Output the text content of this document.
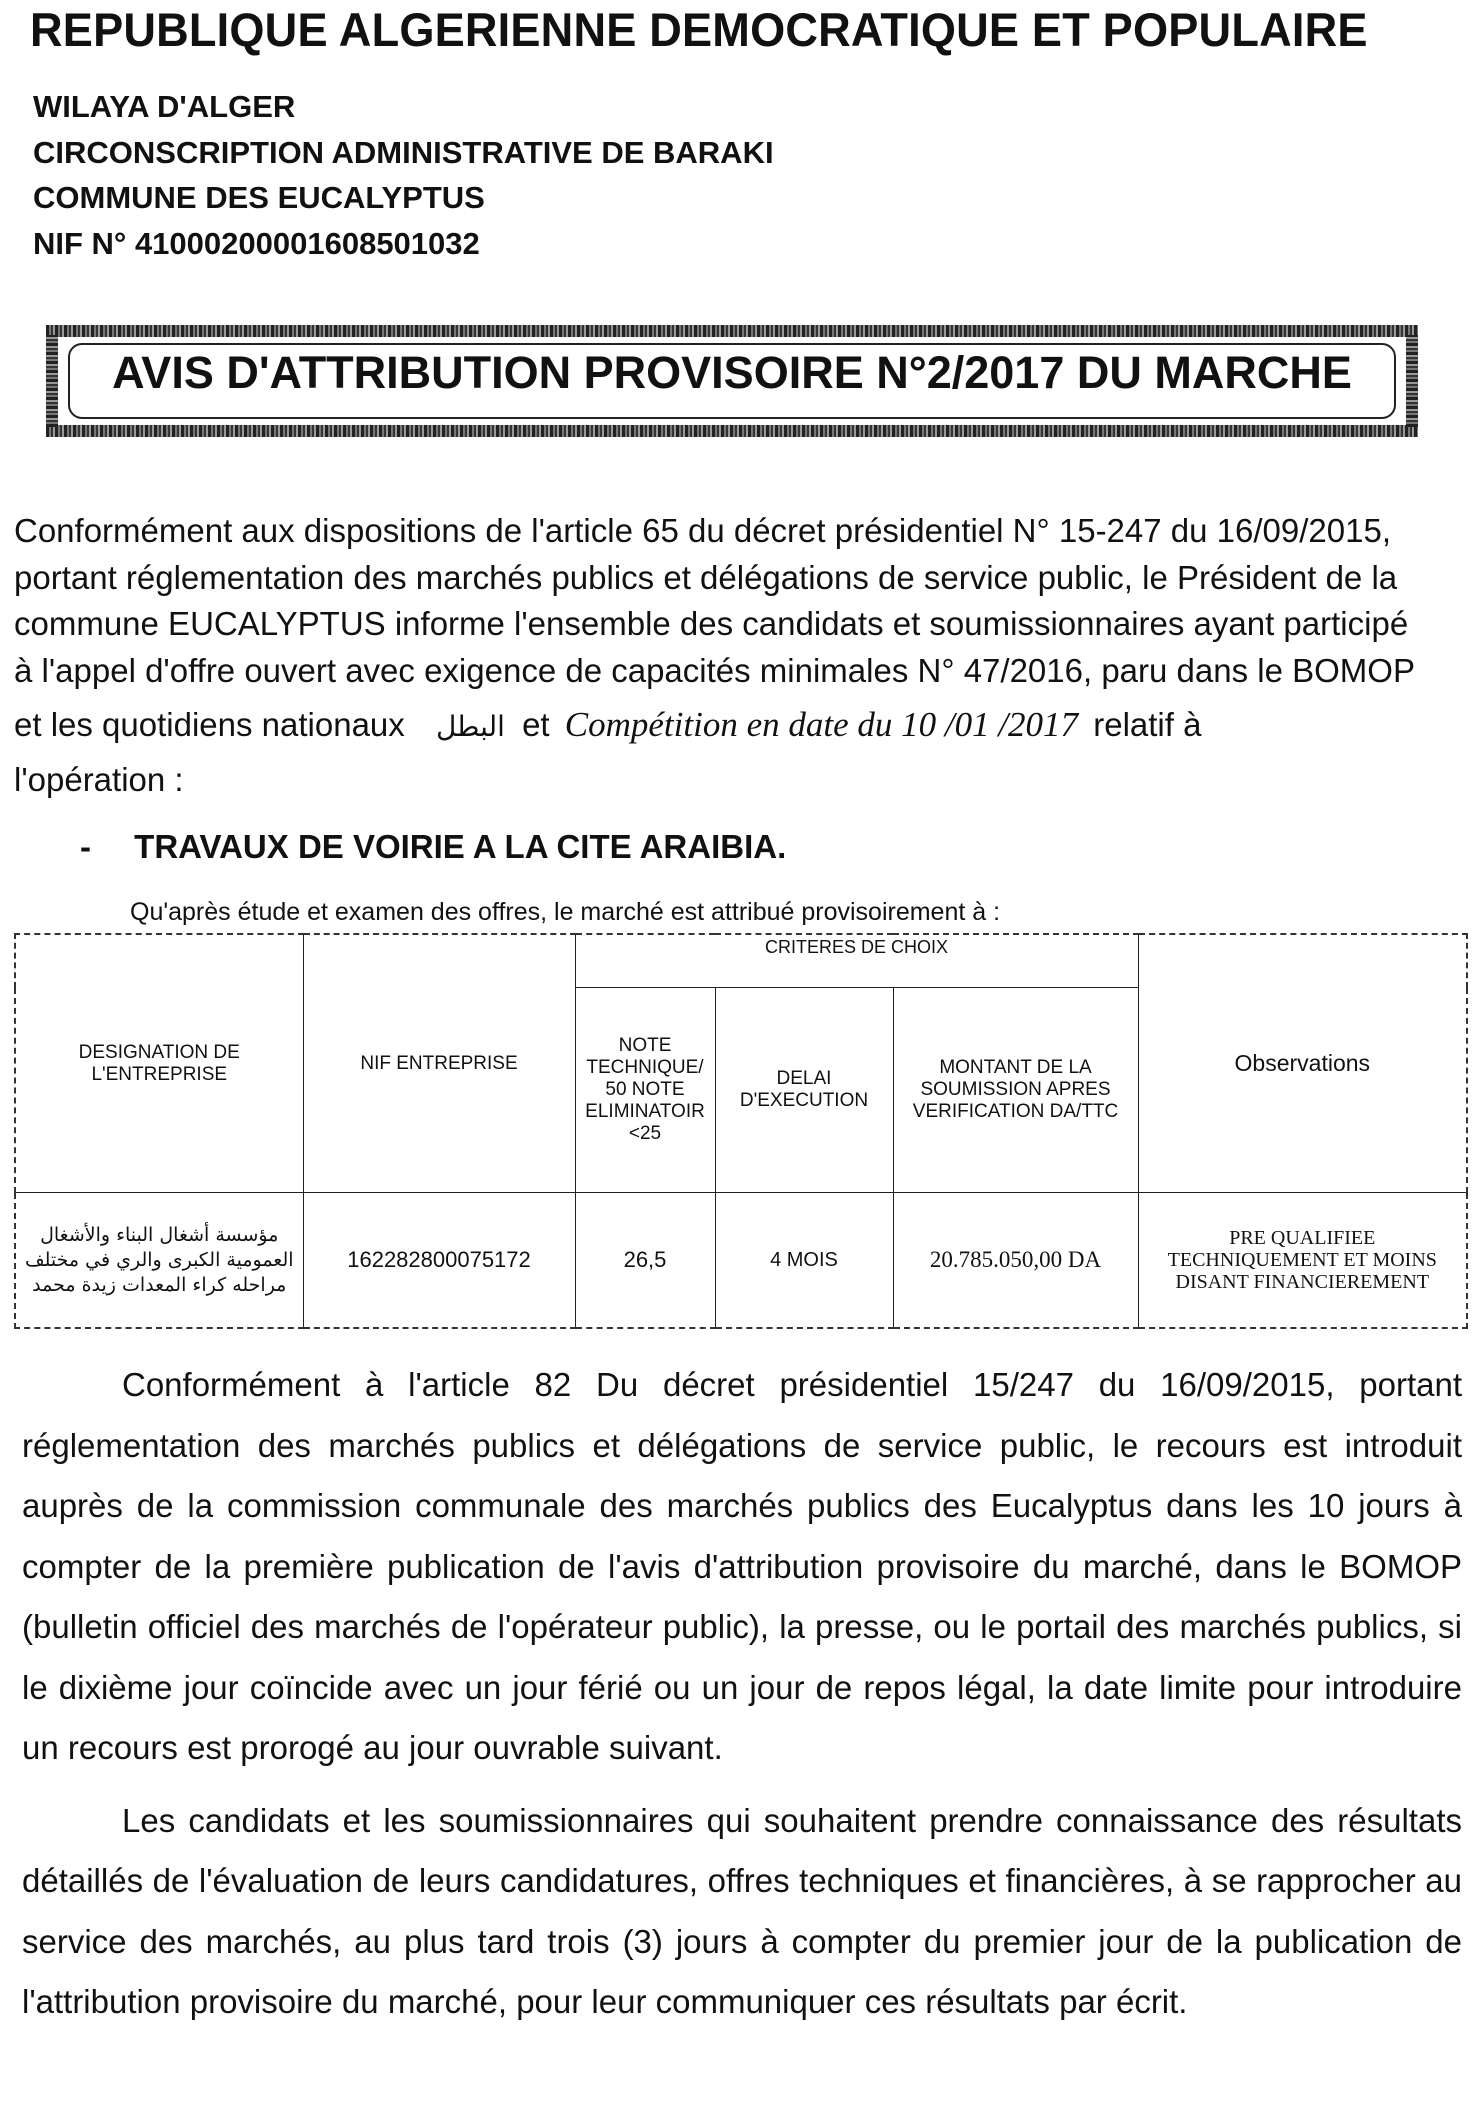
REPUBLIQUE ALGERIENNE DEMOCRATIQUE ET POPULAIRE
WILAYA D'ALGER
CIRCONSCRIPTION ADMINISTRATIVE DE BARAKI
COMMUNE DES EUCALYPTUS
NIF N° 410002000016085010​32
AVIS D'ATTRIBUTION PROVISOIRE N°2/2017 DU MARCHE

Conformément aux dispositions de l'article 65 du décret présidentiel N° 15-247 du 16/09/2015,

portant réglementation des marchés publics et délégations de service public, le Président de la

commune EUCALYPTUS informe l'ensemble des candidats et soumissionnaires ayant participé

à l'appel d'offre ouvert avec exigence de capacités minimales N° 47/2016, paru dans le BOMOP

et les quotidiens nationaux البطل et Compétition en date du 10 /01 /2017 relatif à

l'opération :

- TRAVAUX DE VOIRIE A LA CITE ARAIBIA.
Qu'après étude et examen des offres, le marché est attribué provisoirement à :
DESIGNATION DE L'ENTREPRISE	NIF ENTREPRISE	CRITERES DE CHOIX			Observations
		NOTE TECHNIQUE/ 50 NOTE ELIMINATOIR <25	DELAI D'EXECUTION	MONTANT DE LA SOUMISSION APRES VERIFICATION DA/TTC	
مؤسسة أشغال البناء والأشغال العمومية الكبرى والري في مختلف مراحله كراء المعدات زيدة محمد	162282800075172	26,5	4 MOIS	20.785.050,00 DA	PRE QUALIFIEE TECHNIQUEMENT ET MOINS DISANT FINANCIEREMENT

Conformément à l'article 82 Du décret présidentiel 15/247 du 16/09/2015, portant réglementation des marchés publics et délégations de service public, le recours est introduit auprès de la commission communale des marchés publics des Eucalyptus dans les 10 jours à compter de la première publication de l'avis d'attribution provisoire du marché, dans le BOMOP (bulletin officiel des marchés de l'opérateur public), la presse, ou le portail des marchés publics, si le dixième jour coïncide avec un jour férié ou un jour de repos légal, la date limite pour introduire un recours est prorogé au jour ouvrable suivant.

Les candidats et les soumissionnaires qui souhaitent prendre connaissance des résultats détaillés de l'évaluation de leurs candidatures, offres techniques et financières, à se rapprocher au service des marchés, au plus tard trois (3) jours à compter du premier jour de la publication de l'attribution provisoire du marché, pour leur communiquer ces résultats par écrit.
